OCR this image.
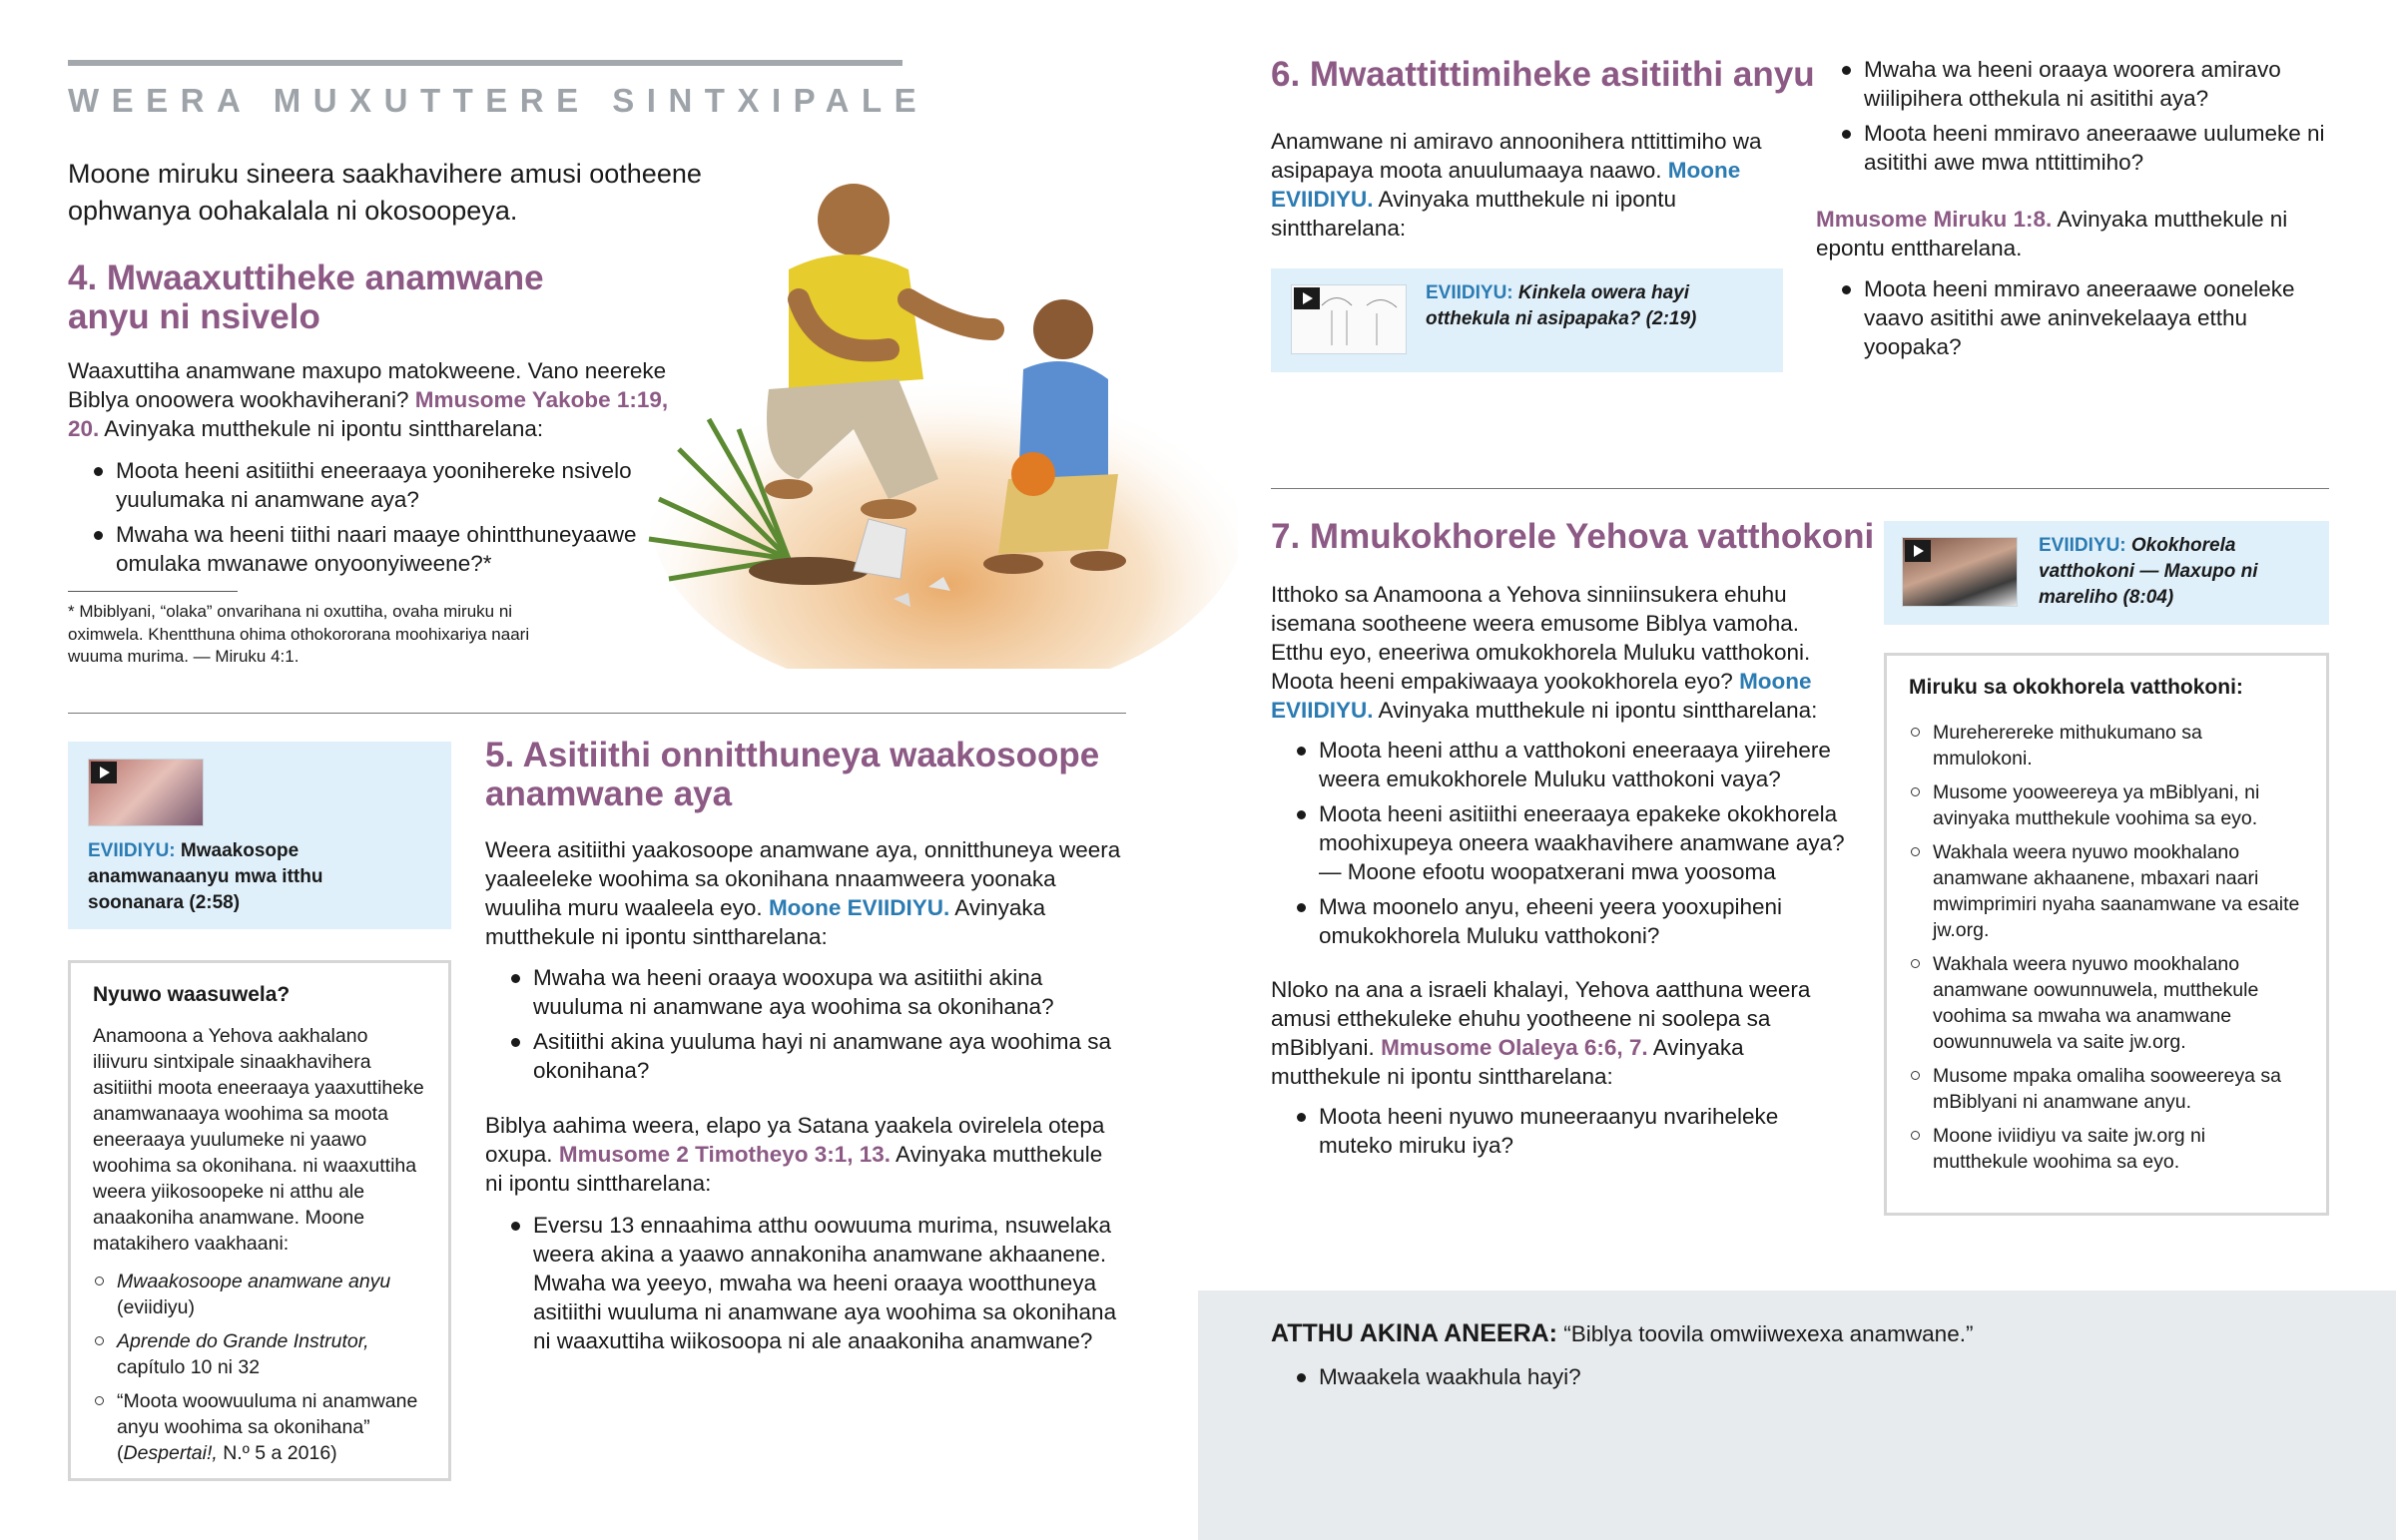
WEERA MUXUTTERE SINTXIPALE

Moone miruku sineera saakhavihere amusi ootheene ophwanya oohakalala ni okosoopeya.

4. Mwaaxuttiheke anamwane

anyu ni nsivelo

Waaxuttiha anamwane maxupo matokweene. Vano neereke
Biblya onoowera wookhaviherani? Mmusome Yakobe 1:19,
20. Avinyaka mutthekule ni ipontu sinttharelana:
Moota heeni asitiithi eneeraaya yoonihereke nsivelo yuulumaka ni anamwane aya?
Mwaha wa heeni tiithi naari maaye ohintthuneyaawe omulaka mwanawe onyoonyiweene?*

* Mbiblyani, “olaka” onvarihana ni oxuttiha, ovaha miruku ni oximwela. Khentthuna ohima othokororana moohixariya naari wuuma murima. — Miruku 4:1.

EVIIDIYU: Mwaakosope anamwanaanyu mwa itthu soonanara (2:58)
Nyuwo waasuwela?

Anamoona a Yehova aakhalano iliivuru sintxipale sinaakhavihera asitiithi moota eneeraaya yaaxuttiheke anamwanaaya woohima sa moota eneeraaya yuulumeke ni yaawo woohima sa okonihana. ni waaxuttiha weera yiikosoopeke ni atthu ale anaakoniha anamwane. Moone matakihero vaakhaani:

Mwaakosoope anamwane anyu (eviidiyu)
Aprende do Grande Instrutor, capítulo 10 ni 32
“Moota woowuuluma ni anamwane anyu woohima sa okonihana” (Despertai!, N.º 5 a 2016)

5. Asitiithi onnitthuneya waakosoope

anamwane aya

Weera asitiithi yaakosoope anamwane aya, onnitthuneya weera yaaleeleke woohima sa okonihana nnaamweera yoonaka wuuliha muru waaleela eyo. Moone EVIIDIYU. Avinyaka mutthekule ni ipontu sinttharelana:

Mwaha wa heeni oraaya wooxupa wa asitiithi akina wuuluma ni anamwane aya woohima sa okonihana?
Asitiithi akina yuuluma hayi ni anamwane aya woohima sa okonihana?

Biblya aahima weera, elapo ya Satana yaakela ovirelela otepa oxupa. Mmusome 2 Timotheyo 3:1, 13. Avinyaka mutthekule ni ipontu sinttharelana:

Eversu 13 ennaahima atthu oowuuma murima, nsuwelaka weera akina a yaawo annakoniha anamwane akhaanene. Mwaha wa yeeyo, mwaha wa heeni oraaya wootthuneya asitiithi wuuluma ni anamwane aya woohima sa okonihana ni waaxuttiha wiikosoopa ni ale anaakoniha anamwane?
6. Mwaattittimiheke asitiithi anyu

Anamwane ni amiravo annoonihera nttittimiho wa asipapaya moota anuulumaaya naawo. Moone EVIIDIYU. Avinyaka mutthekule ni ipontu sinttharelana:

EVIIDIYU: Kinkela owera hayi otthekula ni asipapaka? (2:19)
Mwaha wa heeni oraaya woorera amiravo wiilipihera otthekula ni asitithi aya?
Moota heeni mmiravo aneeraawe uulumeke ni asitithi awe mwa nttittimiho?

Mmusome Miruku 1:8. Avinyaka mutthekule ni epontu enttharelana.

Moota heeni mmiravo aneeraawe ooneleke vaavo asitithi awe aninvekelaaya etthu yoopaka?
7. Mmukokhorele Yehova vatthokoni

Itthoko sa Anamoona a Yehova sinniinsukera ehuhu isemana sootheene weera emusome Biblya vamoha. Etthu eyo, eneeriwa omukokhorela Muluku vatthokoni. Moota heeni empakiwaaya yookokhorela eyo? Moone EVIIDIYU. Avinyaka mutthekule ni ipontu sinttharelana:

Moota heeni atthu a vatthokoni eneeraaya yiirehere weera emukokhorele Muluku vatthokoni vaya?
Moota heeni asitiithi eneeraaya epakeke okokhorela moohixupeya oneera waakhavihere anamwane aya? — Moone efootu woopatxerani mwa yoosoma
Mwa moonelo anyu, eheeni yeera yooxupiheni omukokhorela Muluku vatthokoni?

Nloko na ana a israeli khalayi, Yehova aatthuna weera amusi etthekuleke ehuhu yootheene ni soolepa sa mBiblyani. Mmusome Olaleya 6:6, 7. Avinyaka mutthekule ni ipontu sinttharelana:

Moota heeni nyuwo muneeraanyu nvariheleke muteko miruku iya?
EVIIDIYU: Okokhorela vatthokoni — Maxupo ni mareliho (8:04)
Miruku sa okokhorela vatthokoni:
Murehererekе mithukumano sa mmulokoni.
Musome yooweereya ya mBiblyani, ni avinyaka mutthekule voohima sa eyo.
Wakhala weera nyuwo mookhalano anamwane akhaanene, mbaxari naari mwimprimiri nyaha saanamwane va esaite jw.org.
Wakhala weera nyuwo mookhalano anamwane oowunnuwela, mutthekule voohima sa mwaha wa anamwane oowunnuwela va saite jw.org.
Musome mpaka omaliha sooweereya sa mBiblyani ni anamwane anyu.
Moone iviidiyu va saite jw.org ni mutthekule woohima sa eyo.
ATTHU AKINA ANEERA: “Biblya toovila omwiiwexexa anamwane.”
Mwaakela waakhula hayi?
